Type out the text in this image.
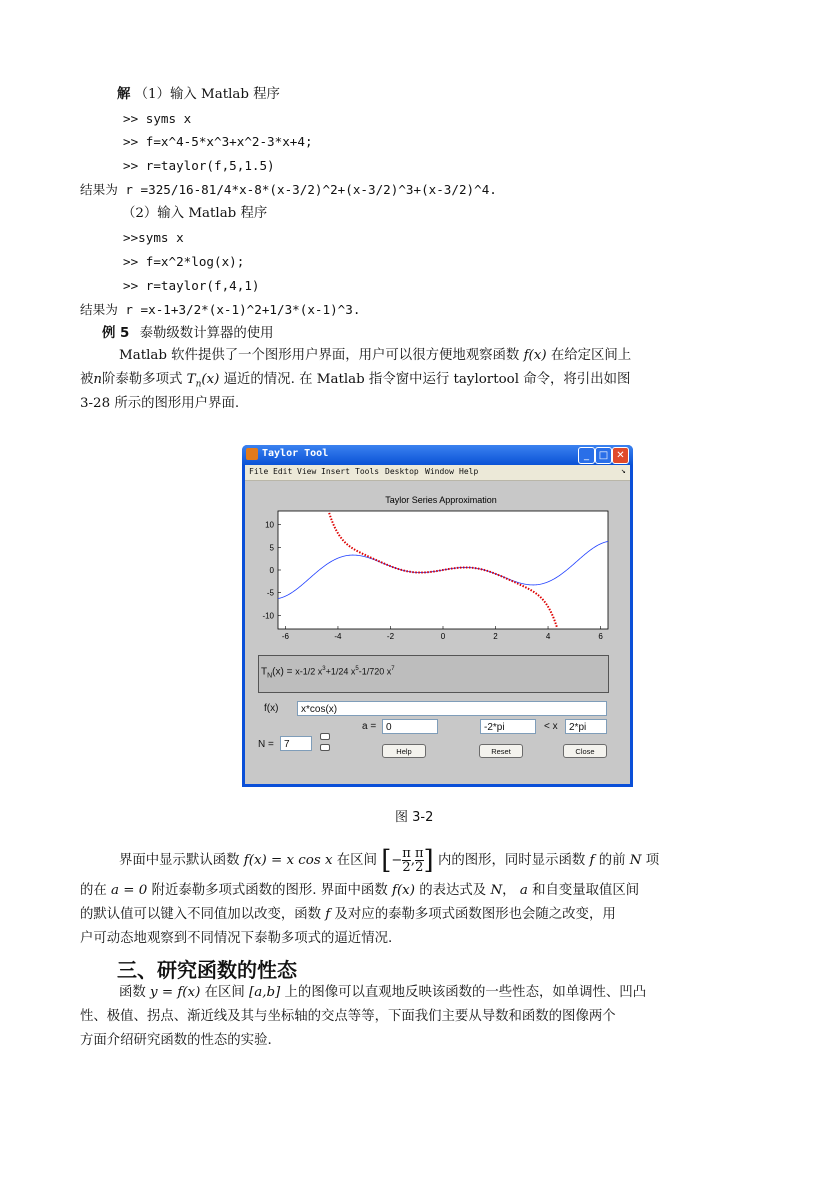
解 （1）输入 Matlab 程序
>> syms x
>> f=x^4-5*x^3+x^2-3*x+4;
>> r=taylor(f,5,1.5)
结果为 r =325/16-81/4*x-8*(x-3/2)^2+(x-3/2)^3+(x-3/2)^4.
（2）输入 Matlab 程序
>>syms x
>> f=x^2*log(x);
>> r=taylor(f,4,1)
结果为 r =x-1+3/2*(x-1)^2+1/3*(x-1)^3.
例 5 泰勒级数计算器的使用
Matlab 软件提供了一个图形用户界面，用户可以很方便地观察函数 f(x) 在给定区间上
被n阶泰勒多项式 $T_n(x)$ 逼近的情况. 在 Matlab 指令窗中运行 taylortool 命令，将引出如图
3-28 所示的图形用户界面.
Taylor Tool	_ □ ✕
File Edit View Insert Tools Desktop Window Help	↘
Taylor Series Approximation
-6	-4	-2	0	2	4	6
10
5
0
-5
-10
$T_N(x) = x-1/2$ $x^3+1/24$ $x^5-1/720$ $x^7$
f(x)	x*cos(x)
N =	7
a = 0	-2*pi	< x	2*pi
Help	Reset	Close
图 3-2
界面中显示默认函数 f(x) = x cos x 在区间 [− $\frac{\pi}{2}$ , $\frac{\pi}{2}$ ] 内的图形，同时显示函数 f 的前 N 项
的在 a = 0 附近泰勒多项式函数的图形. 界面中函数 f(x) 的表达式及 N， a 和自变量取值区间
的默认值可以键入不同值加以改变，函数 f 及对应的泰勒多项式函数图形也会随之改变，用
户可动态地观察到不同情况下泰勒多项式的逼近情况.
三、研究函数的性态
函数 y = f(x) 在区间 [a,b] 上的图像可以直观地反映该函数的一些性态，如单调性、凹凸
性、极值、拐点、渐近线及其与坐标轴的交点等等，下面我们主要从导数和函数的图像两个
方面介绍研究函数的性态的实验.
